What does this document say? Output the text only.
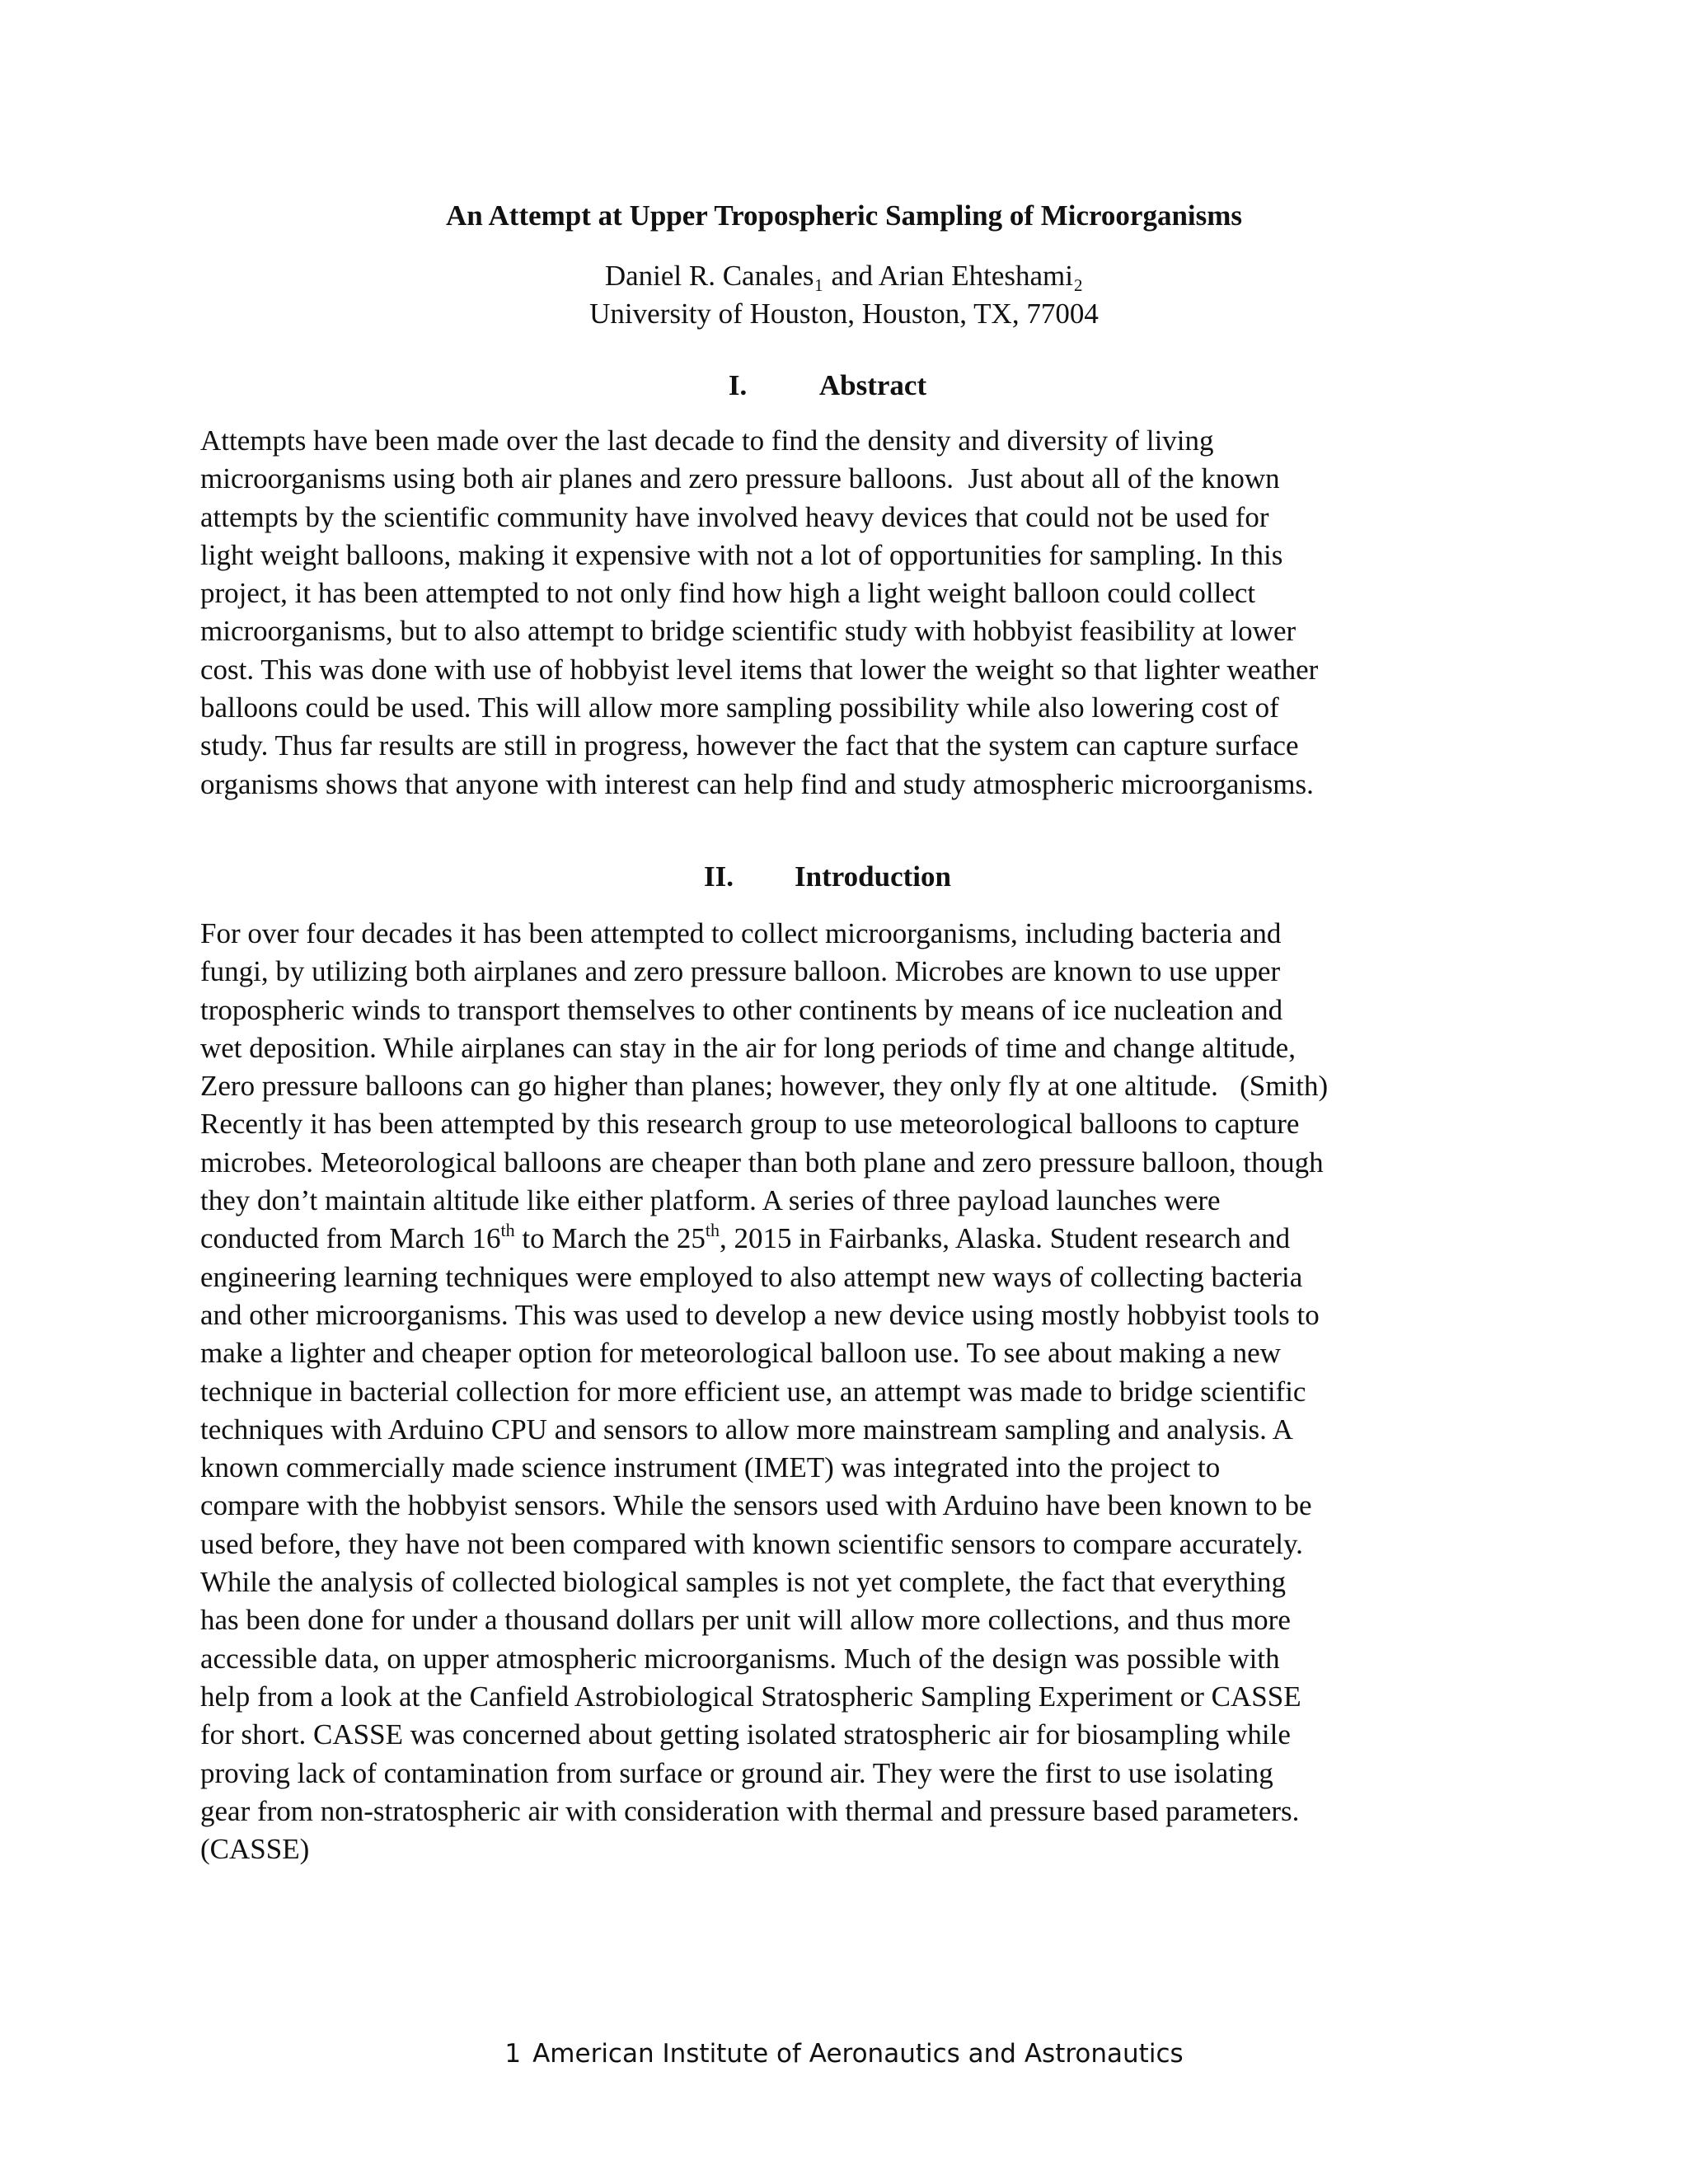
An Attempt at Upper Tropospheric Sampling of Microorganisms
Daniel R. Canales₁ and Arian Ehteshami₂
University of Houston, Houston, TX, 77004
I.	Abstract
Attempts have been made over the last decade to find the density and diversity of living
microorganisms using both air planes and zero pressure balloons.  Just about all of the known
attempts by the scientific community have involved heavy devices that could not be used for
light weight balloons, making it expensive with not a lot of opportunities for sampling. In this
project, it has been attempted to not only find how high a light weight balloon could collect
microorganisms, but to also attempt to bridge scientific study with hobbyist feasibility at lower
cost. This was done with use of hobbyist level items that lower the weight so that lighter weather
balloons could be used. This will allow more sampling possibility while also lowering cost of
study. Thus far results are still in progress, however the fact that the system can capture surface
organisms shows that anyone with interest can help find and study atmospheric microorganisms.
II. Introduction
For over four decades it has been attempted to collect microorganisms, including bacteria and
fungi, by utilizing both airplanes and zero pressure balloon. Microbes are known to use upper
tropospheric winds to transport themselves to other continents by means of ice nucleation and
wet deposition. While airplanes can stay in the air for long periods of time and change altitude,
Zero pressure balloons can go higher than planes; however, they only fly at one altitude.   (Smith)
Recently it has been attempted by this research group to use meteorological balloons to capture
microbes. Meteorological balloons are cheaper than both plane and zero pressure balloon, though
they don’t maintain altitude like either platform. A series of three payload launches were
conducted from March 16th to March the 25th, 2015 in Fairbanks, Alaska. Student research and
engineering learning techniques were employed to also attempt new ways of collecting bacteria
and other microorganisms. This was used to develop a new device using mostly hobbyist tools to
make a lighter and cheaper option for meteorological balloon use. To see about making a new
technique in bacterial collection for more efficient use, an attempt was made to bridge scientific
techniques with Arduino CPU and sensors to allow more mainstream sampling and analysis. A
known commercially made science instrument (IMET) was integrated into the project to
compare with the hobbyist sensors. While the sensors used with Arduino have been known to be
used before, they have not been compared with known scientific sensors to compare accurately.
While the analysis of collected biological samples is not yet complete, the fact that everything
has been done for under a thousand dollars per unit will allow more collections, and thus more
accessible data, on upper atmospheric microorganisms. Much of the design was possible with
help from a look at the Canfield Astrobiological Stratospheric Sampling Experiment or CASSE
for short. CASSE was concerned about getting isolated stratospheric air for biosampling while
proving lack of contamination from surface or ground air. They were the first to use isolating
gear from non-stratospheric air with consideration with thermal and pressure based parameters.
(CASSE)
1 American Institute of Aeronautics and Astronautics
